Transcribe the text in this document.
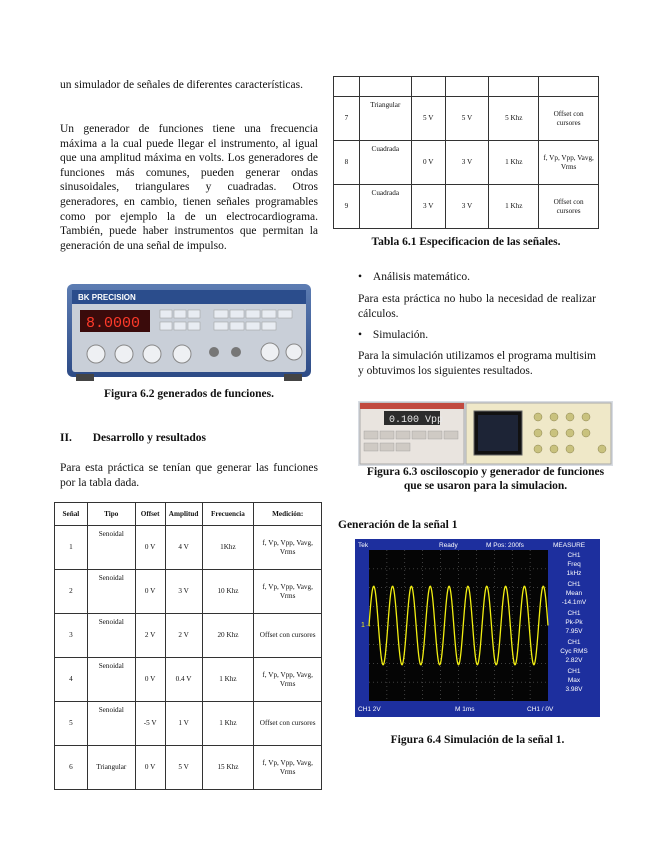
un simulador de señales de diferentes características.

Un generador de funciones tiene una frecuencia máxima a la cual puede llegar el instrumento, al igual que una amplitud máxima en volts. Los generadores de funciones más comunes, pueden generar ondas sinusoidales, triangulares y cuadradas. Otros generadores, en cambio, tienen señales programables como por ejemplo la de un electrocardiograma. También, puede haber instrumentos que permitan la generación de una señal de impulso.

BK PRECISION
8.0000
Figura 6.2 generados de funciones.
II. Desarrollo y resultados

Para esta práctica se tenían que generar las funciones por la tabla dada.

Señal	Tipo	Offset	Amplitud	Frecuencia	Medición:
1	Senoidal	0 V	4 V	1Khz	f, Vp, Vpp, Vavg, Vrms
2	Senoidal	0 V	3 V	10 Khz	f, Vp, Vpp, Vavg, Vrms
3	Senoidal	2 V	2 V	20 Khz	Offset con cursores
4	Senoidal	0 V	0.4 V	1 Khz	f, Vp, Vpp, Vavg, Vrms
5	Senoidal	-5 V	1 V	1 Khz	Offset con cursores
6	Triangular	0 V	5 V	15 Khz	f, Vp, Vpp, Vavg, Vrms

7	Triangular	5 V	5 V	5 Khz	Offset con cursores
8	Cuadrada	0 V	3 V	1 Khz	f, Vp, Vpp, Vavg, Vrms
9	Cuadrada	3 V	3 V	1 Khz	Offset con cursores
Tabla 6.1 Especificacion de las señales.
• Análisis matemático.

Para esta práctica no hubo la necesidad de realizar cálculos.

• Simulación.

Para la simulación utilizamos el programa multisim y obtuvimos los siguientes resultados.

0.100 Vpp
Figura 6.3 osciloscopio y generador de funciones que se usaron para la simulacion.
Generación de la señal 1
Tek	Ready	M Pos: 200fs	MEASURE
CH1
Freq
1kHz
CH1
Mean
-14.1mV
CH1
Pk-Pk
7.95V
CH1
Cyc RMS
2.82V
CH1
Max
3.98V
CH1 2V	M 1ms	CH1 / 0V
1→
Figura 6.4 Simulación de la señal 1.
